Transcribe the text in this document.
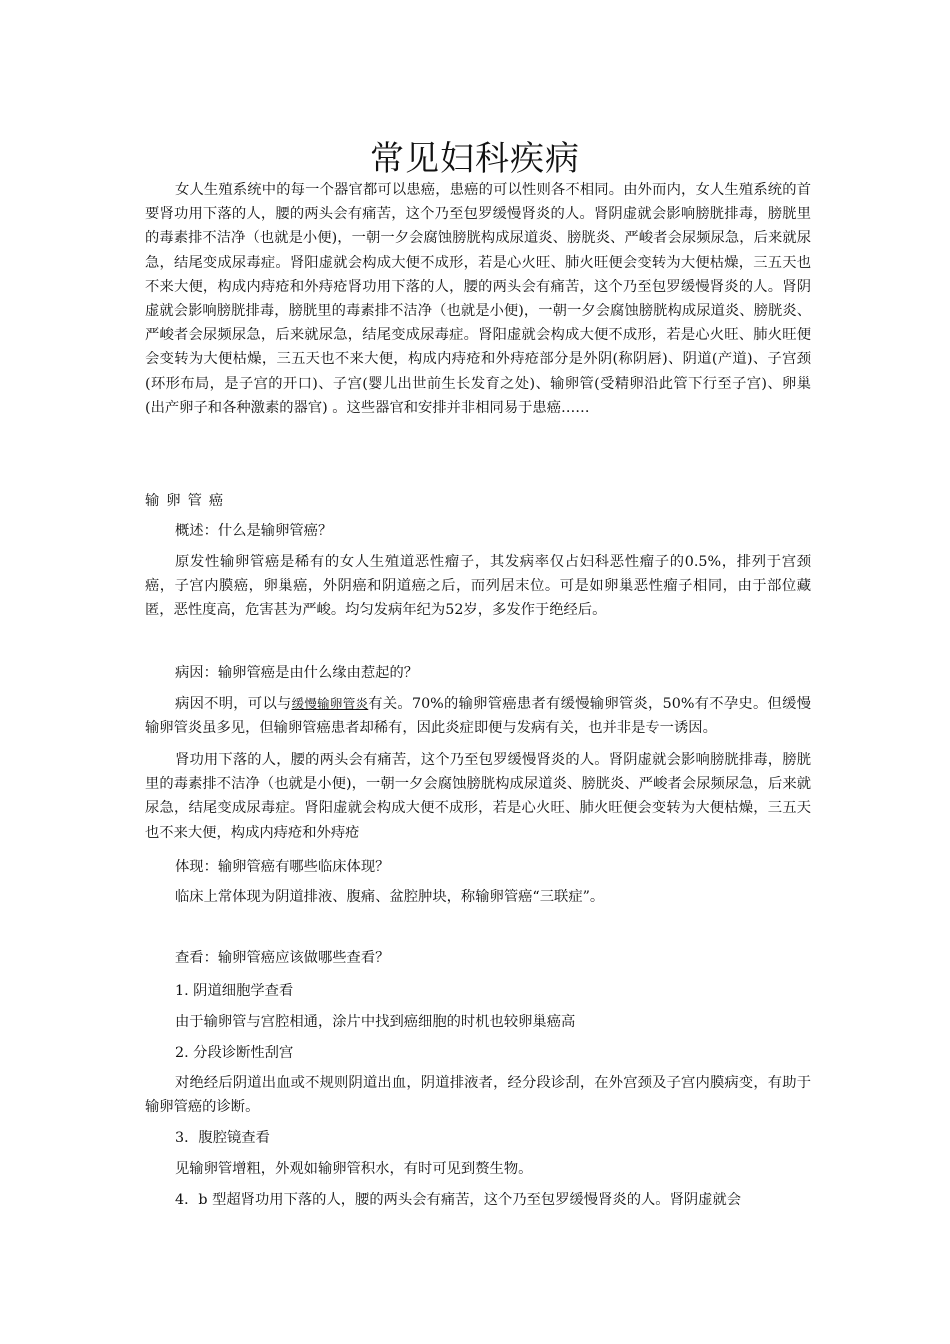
常见妇科疾病

女人生殖系统中的每一个器官都可以患癌，患癌的可以性则各不相同。由外而内，女人生殖系统的首要肾功用下落的人，腰的两头会有痛苦，这个乃至包罗缓慢肾炎的人。肾阴虚就会影响膀胱排毒，膀胱里的毒素排不洁净（也就是小便)，一朝一夕会腐蚀膀胱构成尿道炎、膀胱炎、严峻者会尿频尿急，后来就尿急，结尾变成尿毒症。肾阳虚就会构成大便不成形，若是心火旺、肺火旺便会变转为大便枯燥，三五天也不来大便，构成内痔疮和外痔疮肾功用下落的人，腰的两头会有痛苦，这个乃至包罗缓慢肾炎的人。肾阴虚就会影响膀胱排毒，膀胱里的毒素排不洁净（也就是小便)，一朝一夕会腐蚀膀胱构成尿道炎、膀胱炎、严峻者会尿频尿急，后来就尿急，结尾变成尿毒症。肾阳虚就会构成大便不成形，若是心火旺、肺火旺便会变转为大便枯燥，三五天也不来大便，构成内痔疮和外痔疮部分是外阴(称阴唇)、阴道(产道)、子宫颈(环形布局，是子宫的开口)、子宫(婴儿出世前生长发育之处)、输卵管(受精卵沿此管下行至子宫)、卵巢(出产卵子和各种激素的器官) 。这些器官和安排并非相同易于患癌……

输卵管癌

概述：什么是输卵管癌？

原发性输卵管癌是稀有的女人生殖道恶性瘤子，其发病率仅占妇科恶性瘤子的0.5%，排列于宫颈癌，子宫内膜癌，卵巢癌，外阴癌和阴道癌之后，而列居末位。可是如卵巢恶性瘤子相同，由于部位藏匿，恶性度高，危害甚为严峻。均匀发病年纪为52岁，多发作于绝经后。

病因：输卵管癌是由什么缘由惹起的？

病因不明，可以与缓慢输卵管炎有关。70%的输卵管癌患者有缓慢输卵管炎，50%有不孕史。但缓慢输卵管炎虽多见，但输卵管癌患者却稀有，因此炎症即便与发病有关，也并非是专一诱因。

肾功用下落的人，腰的两头会有痛苦，这个乃至包罗缓慢肾炎的人。肾阴虚就会影响膀胱排毒，膀胱里的毒素排不洁净（也就是小便)，一朝一夕会腐蚀膀胱构成尿道炎、膀胱炎、严峻者会尿频尿急，后来就尿急，结尾变成尿毒症。肾阳虚就会构成大便不成形，若是心火旺、肺火旺便会变转为大便枯燥，三五天也不来大便，构成内痔疮和外痔疮

体现：输卵管癌有哪些临床体现？

临床上常体现为阴道排液、腹痛、盆腔肿块，称输卵管癌“三联症”。

查看：输卵管癌应该做哪些查看？

1. 阴道细胞学查看

由于输卵管与宫腔相通，涂片中找到癌细胞的时机也较卵巢癌高

2. 分段诊断性刮宫

对绝经后阴道出血或不规则阴道出血，阴道排液者，经分段诊刮，在外宫颈及子宫内膜病变，有助于输卵管癌的诊断。

3．腹腔镜查看

见输卵管增粗，外观如输卵管积水，有时可见到赘生物。

4．b 型超肾功用下落的人，腰的两头会有痛苦，这个乃至包罗缓慢肾炎的人。肾阴虚就会
